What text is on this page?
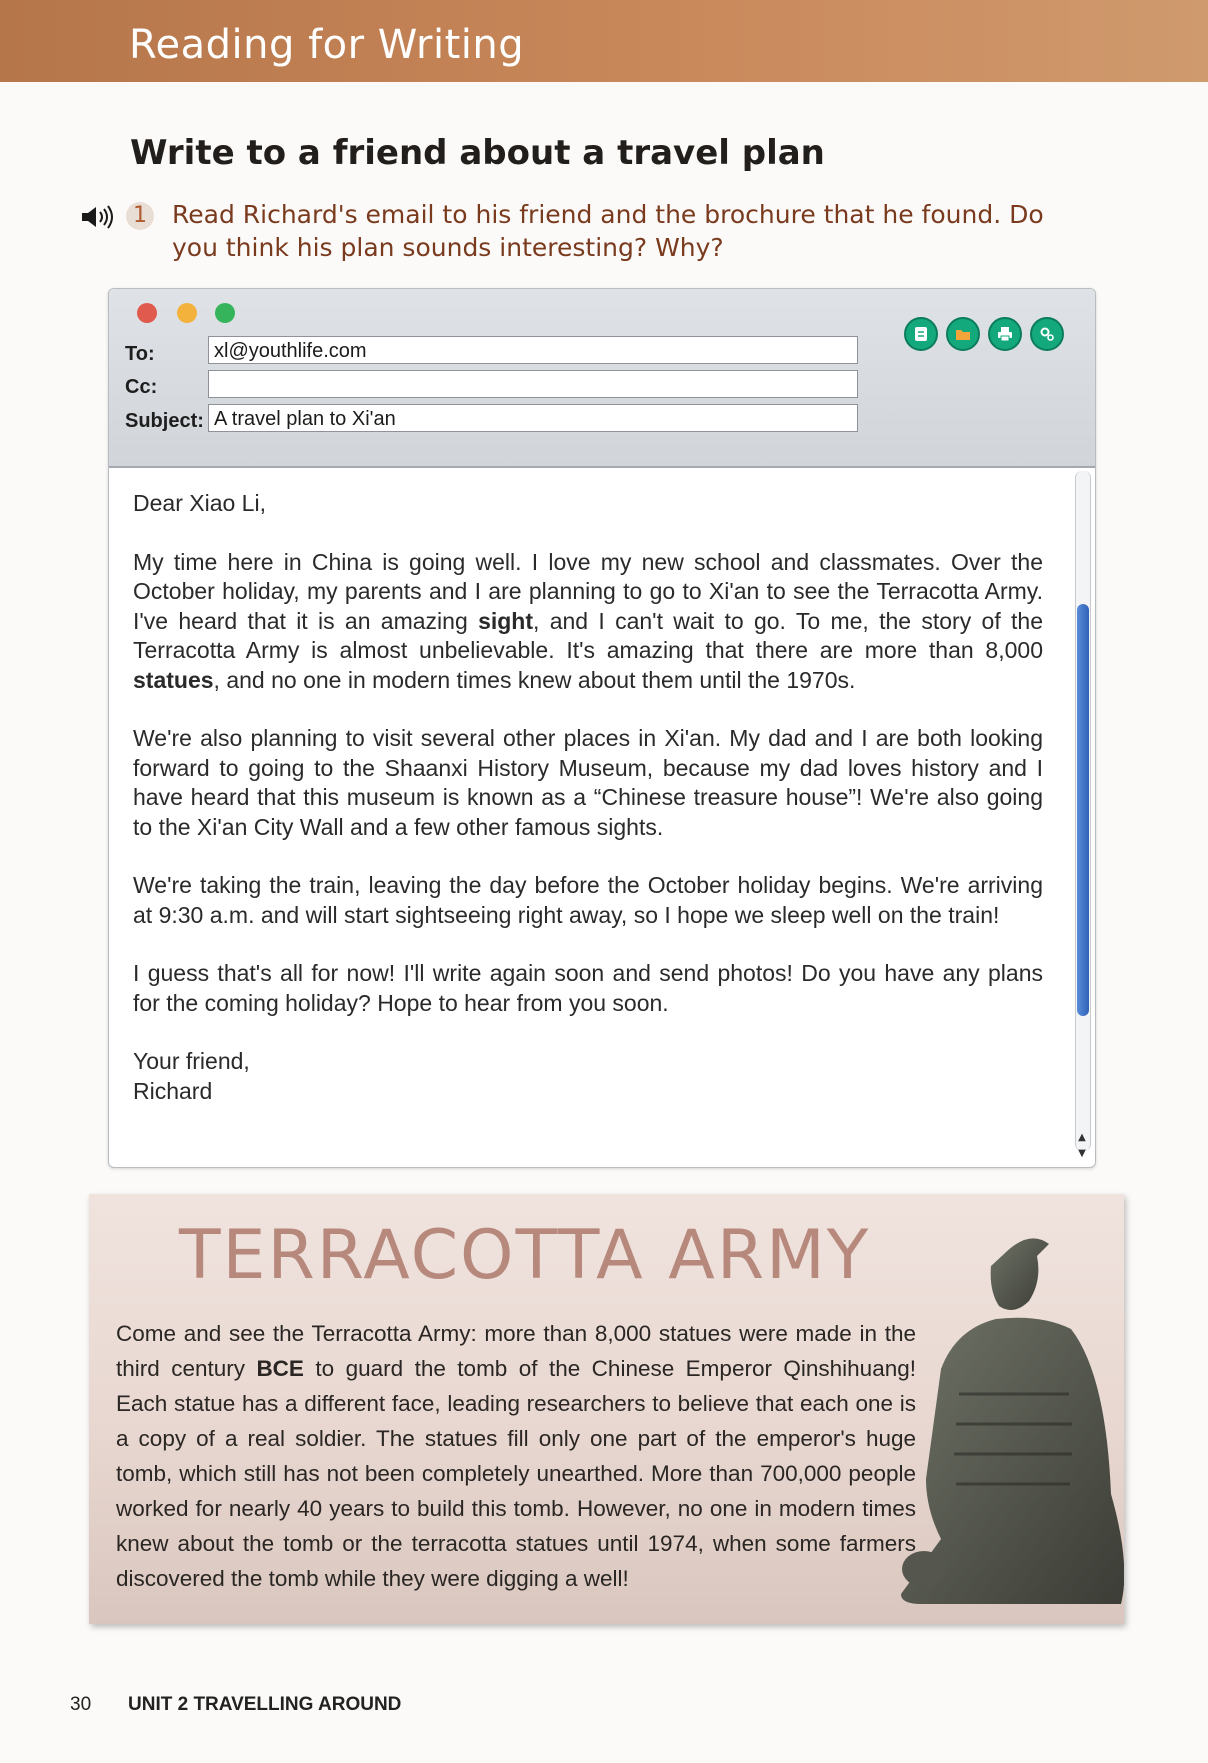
Reading for Writing
Write to a friend about a travel plan
1 Read Richard's email to his friend and the brochure that he found. Do you think his plan sounds interesting? Why?
To:	xl@youthlife.com
Cc:
Subject: A travel plan to Xi'an

Dear Xiao Li,

My time here in China is going well. I love my new school and classmates. Over the October holiday, my parents and I are planning to go to Xi'an to see the Terracotta Army. I've heard that it is an amazing sight, and I can't wait to go. To me, the story of the Terracotta Army is almost unbelievable. It's amazing that there are more than 8,000 statues, and no one in modern times knew about them until the 1970s.

We're also planning to visit several other places in Xi'an. My dad and I are both looking forward to going to the Shaanxi History Museum, because my dad loves history and I have heard that this museum is known as a “Chinese treasure house”! We're also going to the Xi'an City Wall and a few other famous sights.

We're taking the train, leaving the day before the October holiday begins. We're arriving at 9:30 a.m. and will start sightseeing right away, so I hope we sleep well on the train!

I guess that's all for now! I'll write again soon and send photos! Do you have any plans for the coming holiday? Hope to hear from you soon.

Your friend,
Richard
▲
▼
TERRACOTTA ARMY
Come and see the Terracotta Army: more than 8,000 statues were made in the third century BCE to guard the tomb of the Chinese Emperor Qinshihuang! Each statue has a different face, leading researchers to believe that each one is a copy of a real soldier. The statues fill only one part of the emperor's huge tomb, which still has not been completely unearthed. More than 700,000 people worked for nearly 40 years to build this tomb. However, no one in modern times knew about the tomb or the terracotta statues until 1974, when some farmers discovered the tomb while they were digging a well!
30 UNIT 2 TRAVELLING AROUND
